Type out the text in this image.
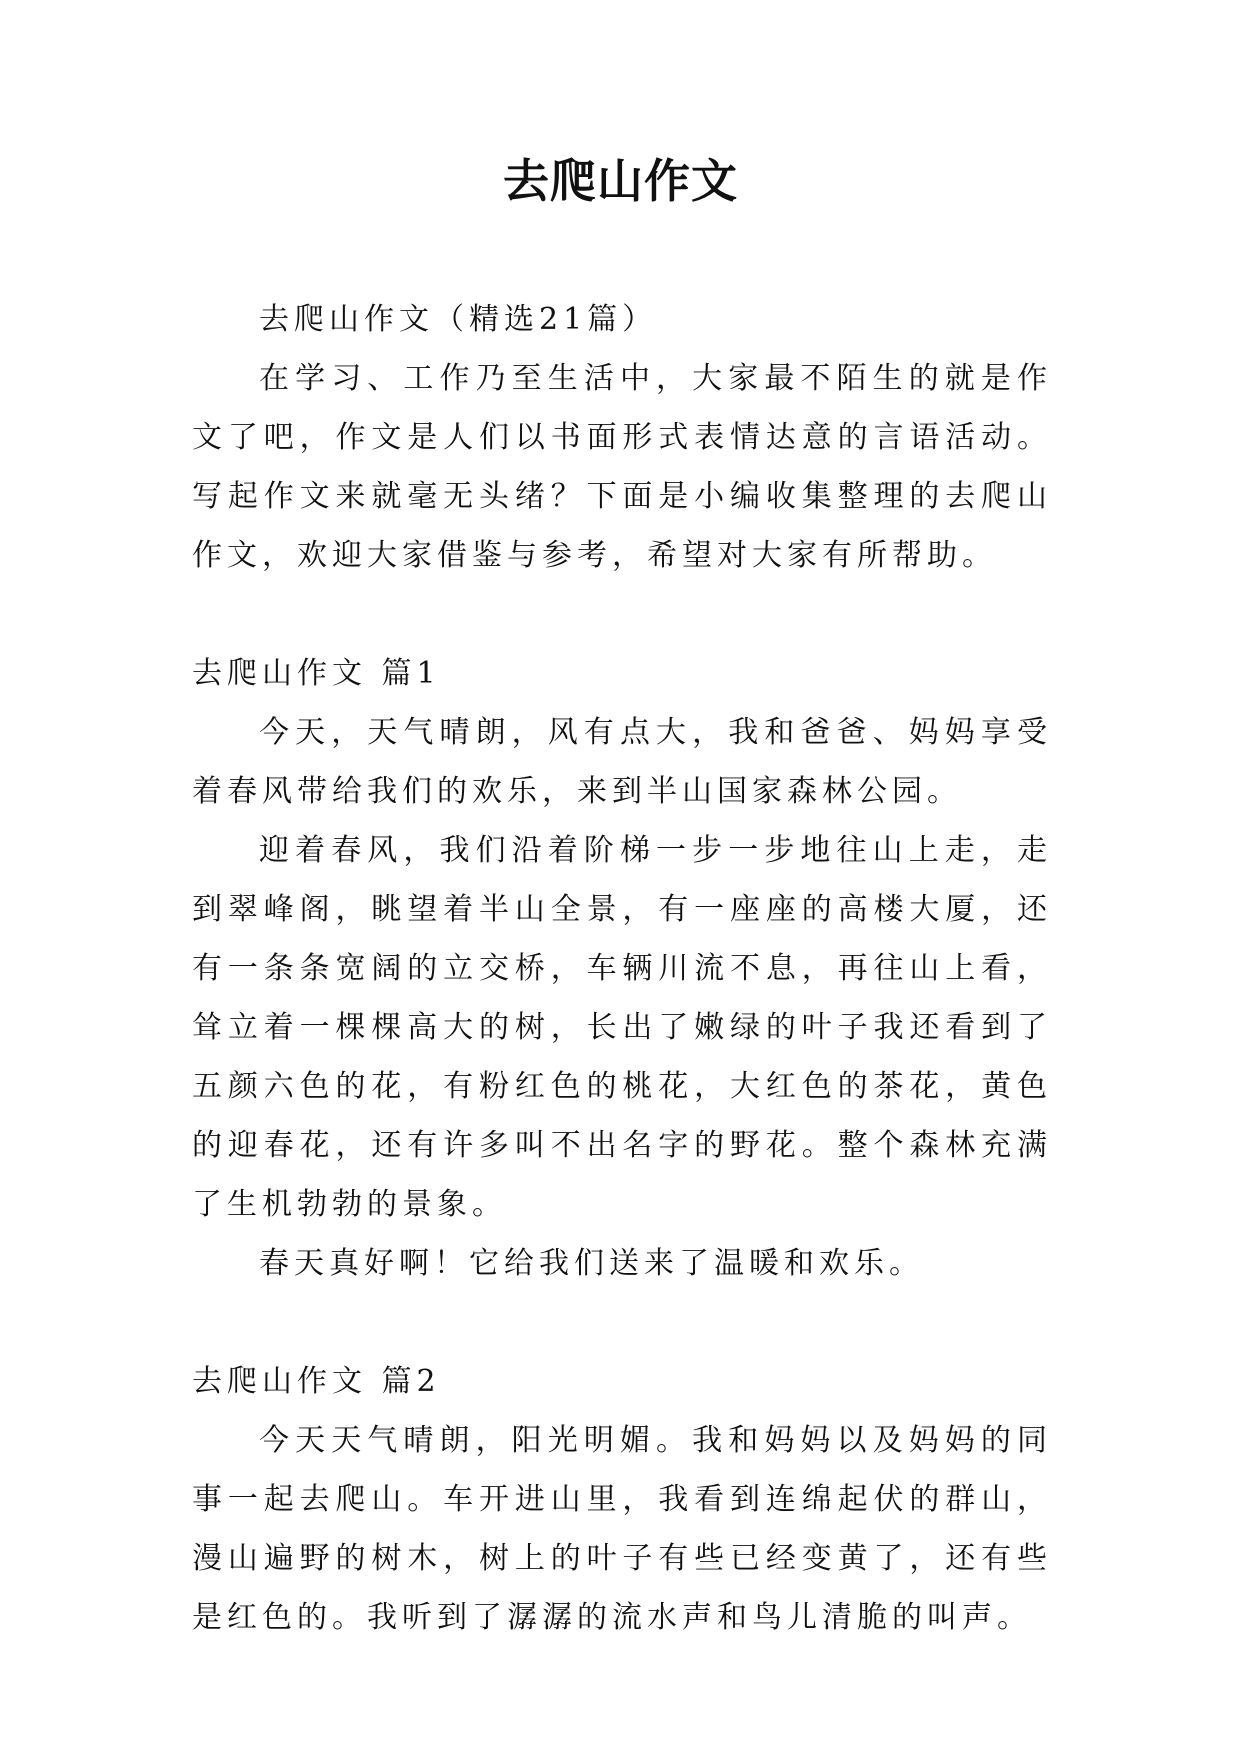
去爬山作文

去爬山作文（精选21篇）

在学习、工作乃至生活中，大家最不陌生的就是作文了吧，作文是人们以书面形式表情达意的言语活动。写起作文来就毫无头绪？下面是小编收集整理的去爬山作文，欢迎大家借鉴与参考，希望对大家有所帮助。

去爬山作文 篇1

今天，天气晴朗，风有点大，我和爸爸、妈妈享受着春风带给我们的欢乐，来到半山国家森林公园。

迎着春风，我们沿着阶梯一步一步地往山上走，走到翠峰阁，眺望着半山全景，有一座座的高楼大厦，还有一条条宽阔的立交桥，车辆川流不息，再往山上看，耸立着一棵棵高大的树，长出了嫩绿的叶子我还看到了五颜六色的花，有粉红色的桃花，大红色的茶花，黄色的迎春花，还有许多叫不出名字的野花。整个森林充满了生机勃勃的景象。

春天真好啊！它给我们送来了温暖和欢乐。

去爬山作文 篇2

今天天气晴朗，阳光明媚。我和妈妈以及妈妈的同事一起去爬山。车开进山里，我看到连绵起伏的群山，漫山遍野的树木，树上的叶子有些已经变黄了，还有些是红色的。我听到了潺潺的流水声和鸟儿清脆的叫声。
